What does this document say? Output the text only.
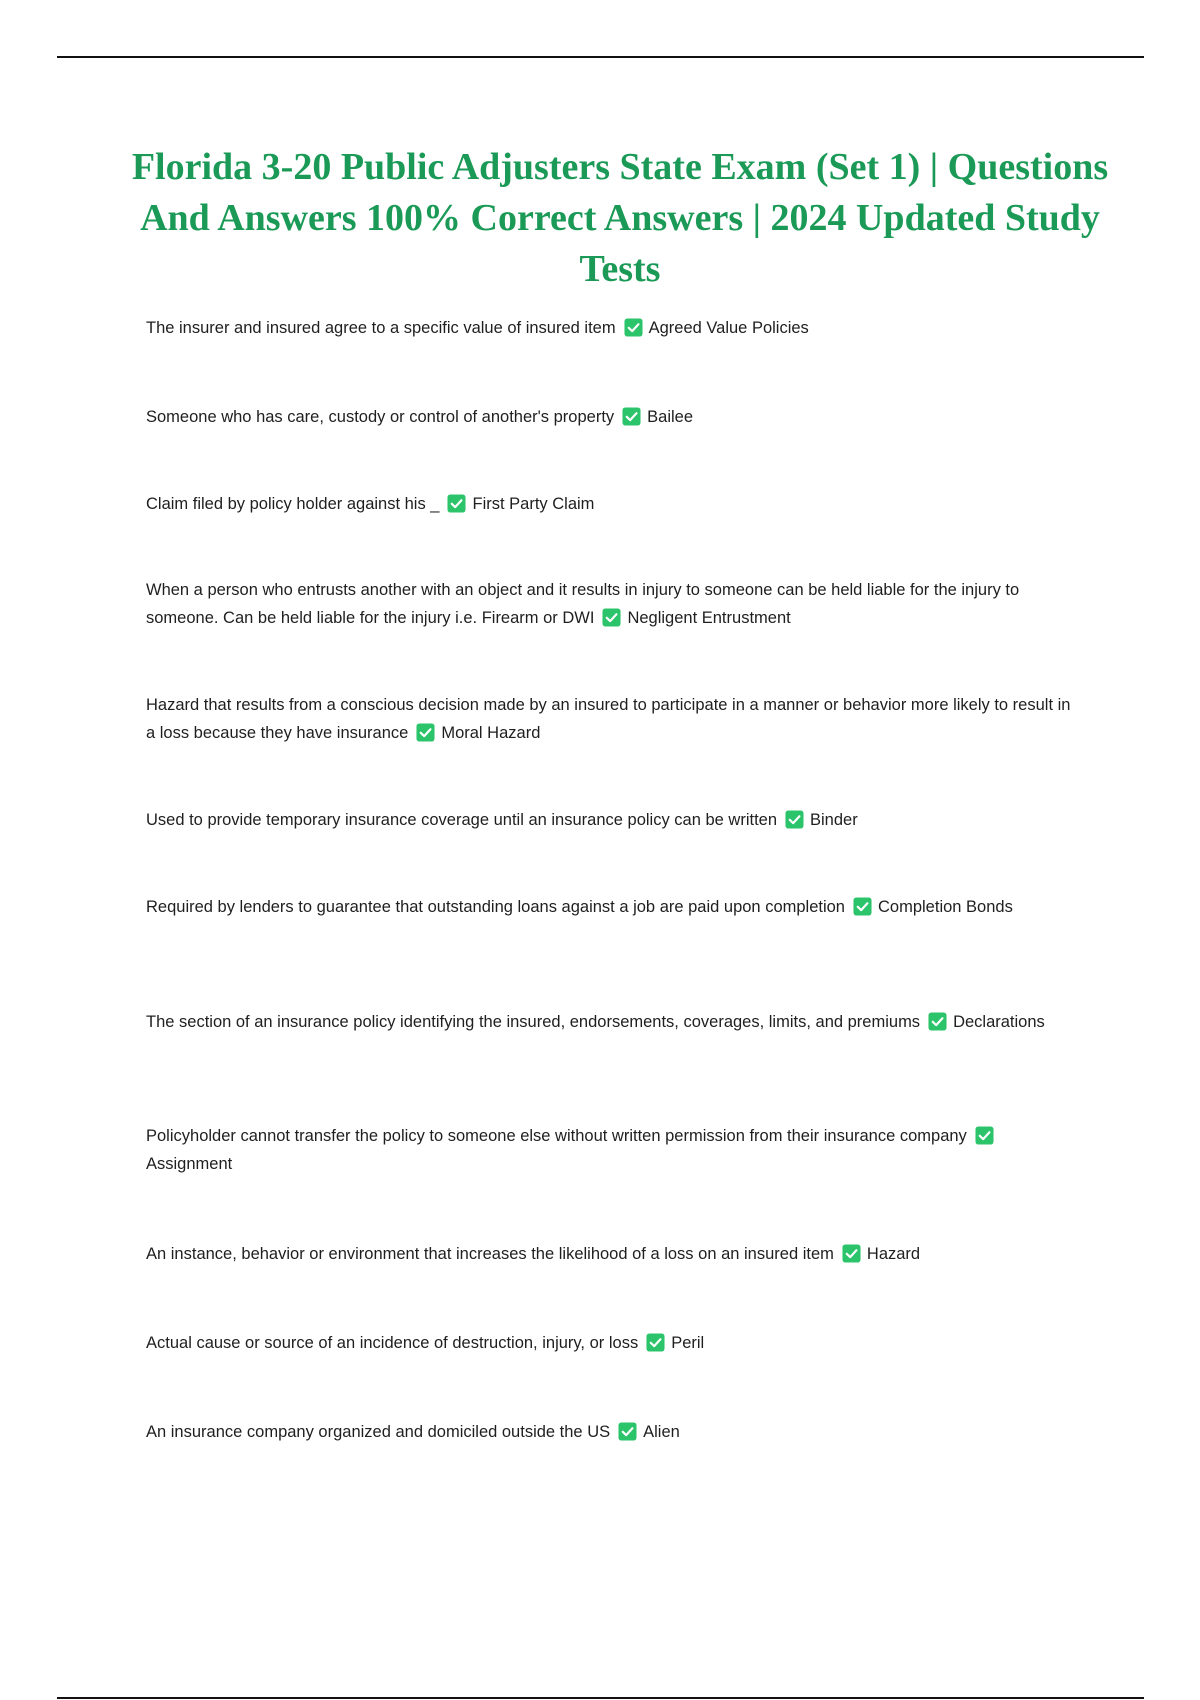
Florida 3-20 Public Adjusters State Exam (Set 1) | Questions And Answers 100% Correct Answers | 2024 Updated Study Tests

The insurer and insured agree to a specific value of insured item Agreed Value Policies

Someone who has care, custody or control of another's property Bailee

Claim filed by policy holder against his _ First Party Claim

When a person who entrusts another with an object and it results in injury to someone can be held liable for the injury to someone. Can be held liable for the injury i.e. Firearm or DWI Negligent Entrustment

Hazard that results from a conscious decision made by an insured to participate in a manner or behavior more likely to result in a loss because they have insurance Moral Hazard

Used to provide temporary insurance coverage until an insurance policy can be written Binder

Required by lenders to guarantee that outstanding loans against a job are paid upon completion Completion Bonds

The section of an insurance policy identifying the insured, endorsements, coverages, limits, and premiums Declarations

Policyholder cannot transfer the policy to someone else without written permission from their insurance company
Assignment

An instance, behavior or environment that increases the likelihood of a loss on an insured item Hazard

Actual cause or source of an incidence of destruction, injury, or loss Peril

An insurance company organized and domiciled outside the US Alien
